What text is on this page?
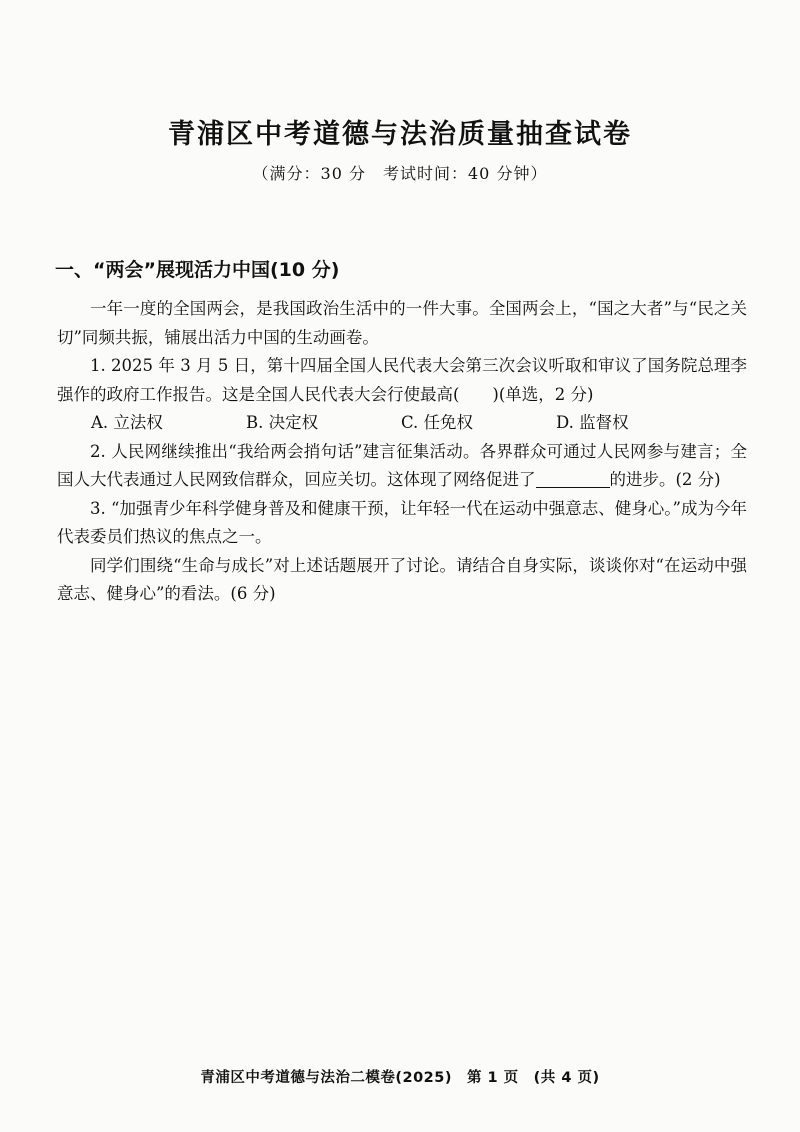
青浦区中考道德与法治质量抽查试卷
（满分：30 分　考试时间：40 分钟）
一、“两会”展现活力中国(10 分)

一年一度的全国两会，是我国政治生活中的一件大事。全国两会上，“国之大者”与“民之关切”同频共振，铺展出活力中国的生动画卷。

1. 2025 年 3 月 5 日，第十四届全国人民代表大会第三次会议听取和审议了国务院总理李强作的政府工作报告。这是全国人民代表大会行使最高(　　)(单选，2 分)

A. 立法权	B. 决定权	C. 任免权	D. 监督权

2. 人民网继续推出“我给两会捎句话”建言征集活动。各界群众可通过人民网参与建言；全国人大代表通过人民网致信群众，回应关切。这体现了网络促进了	的进步。(2 分)

3. “加强青少年科学健身普及和健康干预，让年轻一代在运动中强意志、健身心。”成为今年代表委员们热议的焦点之一。

同学们围绕“生命与成长”对上述话题展开了讨论。请结合自身实际，谈谈你对“在运动中强意志、健身心”的看法。(6 分)

青浦区中考道德与法治二模卷(2025)　第 1 页　(共 4 页)
